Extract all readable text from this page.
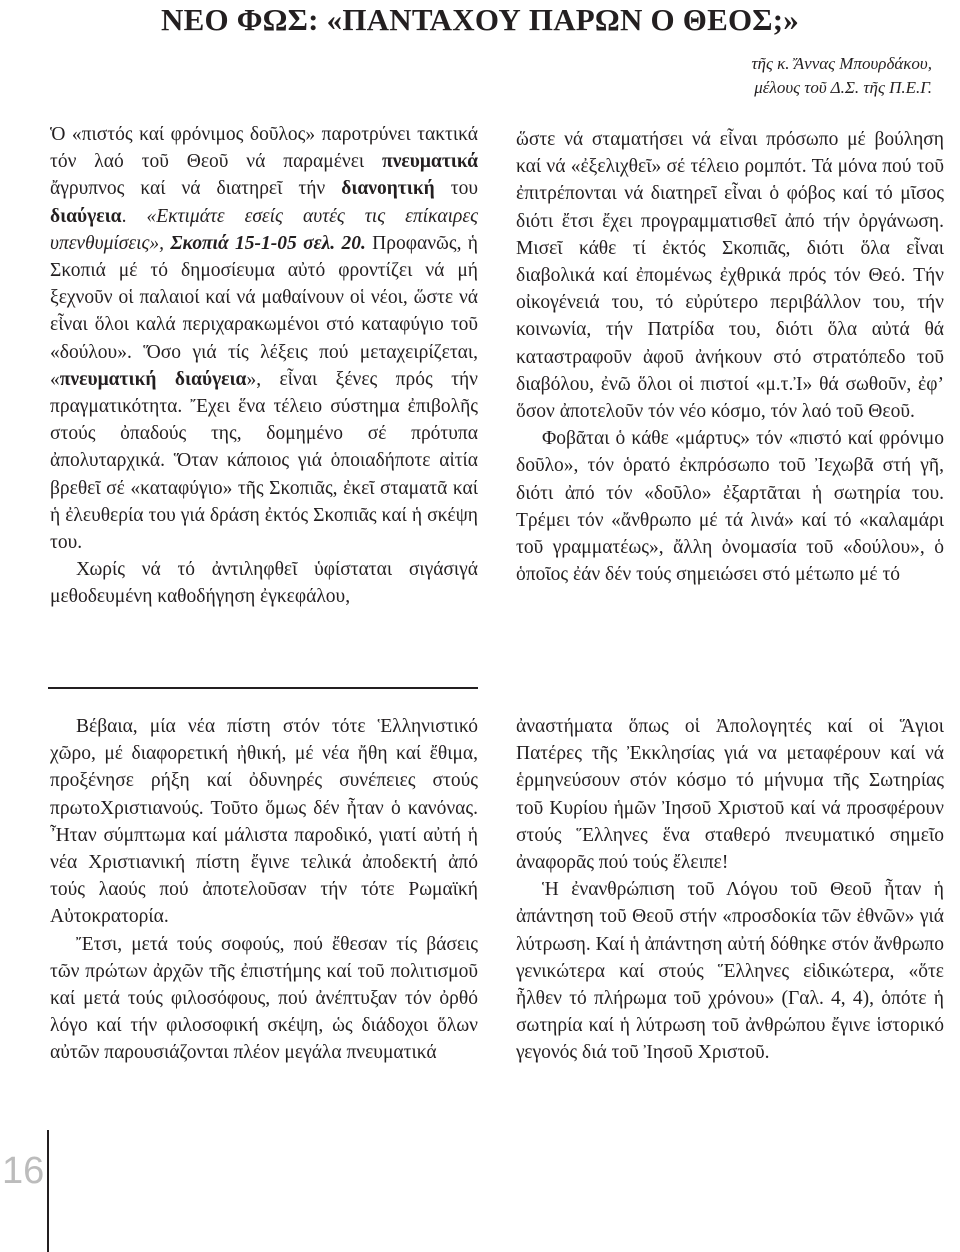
ΝΕΟ ΦΩΣ: «ΠΑΝΤΑΧΟΥ ΠΑΡΩΝ Ο ΘΕΟΣ;»
τῆς κ. Ἄννας Μπουρδάκου,
μέλους τοῦ Δ.Σ. τῆς Π.Ε.Γ.

Ὁ «πιστός καί φρόνιμος δοῦλος» παροτρύνει τακτικά τόν λαό τοῦ Θεοῦ νά παραμένει πνευματικά ἄγρυπνος καί νά διατηρεῖ τήν διανοητική του διαύγεια. «Εκτιμάτε εσείς αυτές τις επίκαιρες υπενθυμίσεις», Σκοπιά 15-1-05 σελ. 20. Προφανῶς, ἡ Σκοπιά μέ τό δημοσίευμα αὐτό φροντίζει νά μή ξεχνοῦν οἱ παλαιοί καί νά μαθαίνουν οἱ νέοι, ὥστε νά εἶναι ὅλοι καλά περιχαρακωμένοι στό καταφύγιο τοῦ «δούλου». Ὅσο γιά τίς λέξεις πού μεταχειρίζεται, «πνευματική διαύγεια», εἶναι ξένες πρός τήν πραγματικότητα. Ἔχει ἕνα τέλειο σύστημα ἐπιβολῆς στούς ὀπαδούς της, δομημένο σέ πρότυπα ἀπολυταρχικά. Ὅταν κάποιος γιά ὁποιαδήποτε αἰτία βρεθεῖ σέ «καταφύγιο» τῆς Σκοπιᾶς, ἐκεῖ σταματᾶ καί ἡ ἐλευθερία του γιά δράση ἐκτός Σκοπιᾶς καί ἡ σκέψη του.

Χωρίς νά τό ἀντιληφθεῖ ὑφίσταται σιγάσιγά μεθοδευμένη καθοδήγηση ἐγκεφάλου,

ὥστε νά σταματήσει νά εἶναι πρόσωπο μέ βούληση καί νά «ἐξελιχθεῖ» σέ τέλειο ρομπότ. Τά μόνα πού τοῦ ἐπιτρέπονται νά διατηρεῖ εἶναι ὁ φόβος καί τό μῖσος διότι ἔτσι ἔχει προγραμματισθεῖ ἀπό τήν ὀργάνωση. Μισεῖ κάθε τί ἐκτός Σκοπιᾶς, διότι ὅλα εἶναι διαβολικά καί ἐπομένως ἐχθρικά πρός τόν Θεό. Τήν οἰκογένειά του, τό εὐρύτερο περιβάλλον του, τήν κοινωνία, τήν Πατρίδα του, διότι ὅλα αὐτά θά καταστραφοῦν ἀφοῦ ἀνήκουν στό στρατόπεδο τοῦ διαβόλου, ἐνῶ ὅλοι οἱ πιστοί «μ.τ.Ἰ» θά σωθοῦν, ἐφ’ ὅσον ἀποτελοῦν τόν νέο κόσμο, τόν λαό τοῦ Θεοῦ.

Φοβᾶται ὁ κάθε «μάρτυς» τόν «πιστό καί φρόνιμο δοῦλο», τόν ὁρατό ἐκπρόσωπο τοῦ Ἰεχωβᾶ στή γῆ, διότι ἀπό τόν «δοῦλο» ἐξαρτᾶται ἡ σωτηρία του. Τρέμει τόν «ἄνθρωπο μέ τά λινά» καί τό «καλαμάρι τοῦ γραμματέως», ἄλλη ὀνομασία τοῦ «δούλου», ὁ ὁποῖος ἐάν δέν τούς σημειώσει στό μέτωπο μέ τό

Βέβαια, μία νέα πίστη στόν τότε Ἑλληνιστικό χῶρο, μέ διαφορετική ἠθική, μέ νέα ἤθη καί ἔθιμα, προξένησε ρήξη καί ὀδυνηρές συνέπειες στούς πρωτοΧριστιανούς. Τοῦτο ὅμως δέν ἦταν ὁ κανόνας. Ἦταν σύμπτωμα καί μάλιστα παροδικό, γιατί αὐτή ἡ νέα Χριστιανική πίστη ἔγινε τελικά ἀποδεκτή ἀπό τούς λαούς πού ἀποτελοῦσαν τήν τότε Ρωμαϊκή Αὐτοκρατορία.

Ἔτσι, μετά τούς σοφούς, πού ἔθεσαν τίς βάσεις τῶν πρώτων ἀρχῶν τῆς ἐπιστήμης καί τοῦ πολιτισμοῦ καί μετά τούς φιλοσόφους, πού ἀνέπτυξαν τόν ὀρθό λόγο καί τήν φιλοσοφική σκέψη, ὡς διάδοχοι ὅλων αὐτῶν παρουσιάζονται πλέον μεγάλα πνευματικά

ἀναστήματα ὅπως οἱ Ἀπολογητές καί οἱ Ἅγιοι Πατέρες τῆς Ἐκκλησίας γιά να μεταφέρουν καί νά ἑρμηνεύσουν στόν κόσμο τό μήνυμα τῆς Σωτηρίας τοῦ Κυρίου ἡμῶν Ἰησοῦ Χριστοῦ καί νά προσφέρουν στούς Ἕλληνες ἕνα σταθερό πνευματικό σημεῖο ἀναφορᾶς πού τούς ἔλειπε!

Ἡ ἐνανθρώπιση τοῦ Λόγου τοῦ Θεοῦ ἦταν ἡ ἀπάντηση τοῦ Θεοῦ στήν «προσδοκία τῶν ἐθνῶν» γιά λύτρωση. Καί ἡ ἀπάντηση αὐτή δόθηκε στόν ἄνθρωπο γενικώτερα καί στούς Ἕλληνες εἰδικώτερα, «ὅτε ἦλθεν τό πλήρωμα τοῦ χρόνου» (Γαλ. 4, 4), ὁπότε ἡ σωτηρία καί ἡ λύτρωση τοῦ ἀνθρώπου ἔγινε ἱστορικό γεγονός διά τοῦ Ἰησοῦ Χριστοῦ.

16
